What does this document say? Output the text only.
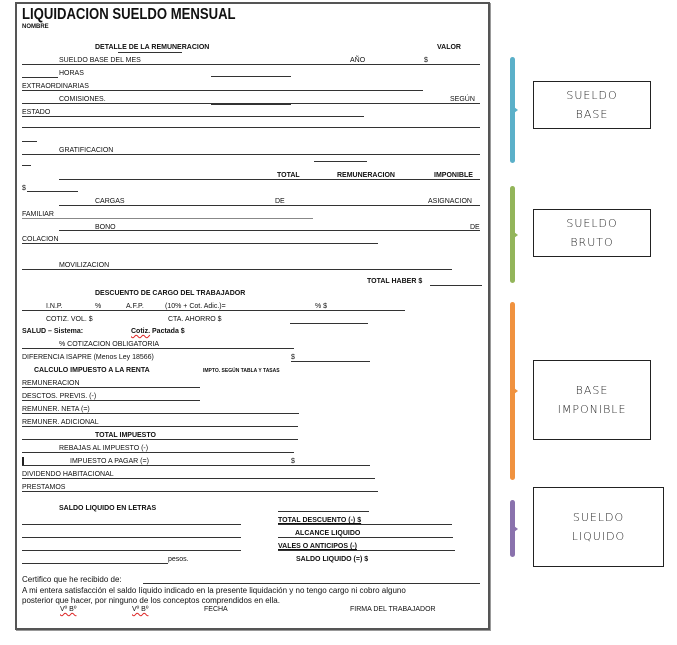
LIQUIDACION SUELDO MENSUAL
NOMBRE
DETALLE DE LA REMUNERACION	VALOR
SUELDO BASE DEL MES	AÑO	$
HORAS
EXTRAORDINARIAS
COMISIONES.	SEGÚN
ESTADO
GRATIFICACION
TOTAL	REMUNERACION	IMPONIBLE
$
CARGAS	DE	ASIGNACION
FAMILIAR
BONO	DE
COLACION
MOVILIZACION
TOTAL HABER $
DESCUENTO DE CARGO DEL TRABAJADOR
I.N.P.	%	A.F.P.	(10% + Cot. Adic.)=	% $
COTIZ. VOL. $	CTA. AHORRO $
SALUD – Sistema:	Cotiz. Pactada $
% COTIZACION OBLIGATORIA
DIFERENCIA ISAPRE (Menos Ley 18566)	$
CALCULO IMPUESTO A LA RENTA	IMPTO. SEGÚN TABLA Y TASAS
REMUNERACION
DESCTOS. PREVIS. (-)
REMUNER. NETA (=)
REMUNER. ADICIONAL
TOTAL IMPUESTO
REBAJAS AL IMPUESTO (-)
IMPUESTO A PAGAR (=)	$
DIVIDENDO HABITACIONAL
PRESTAMOS
SALDO LIQUIDO EN LETRAS
TOTAL DESCUENTO (-) $
ALCANCE LIQUIDO
VALES O ANTICIPOS (-)
pesos.	SALDO LIQUIDO (=) $
Certifico que he recibido de:
A mi entera satisfacción el saldo líquido indicado en la presente liquidación y no tengo cargo ni cobro alguno
posterior que hacer, por ninguno de los conceptos comprendidos en ella.
Vº Bº	Vº Bº	FECHA	FIRMA DEL TRABAJADOR
SUELDO
BASE
SUELDO
BRUTO
BASE
IMPONIBLE
SUELDO
LIQUIDO
